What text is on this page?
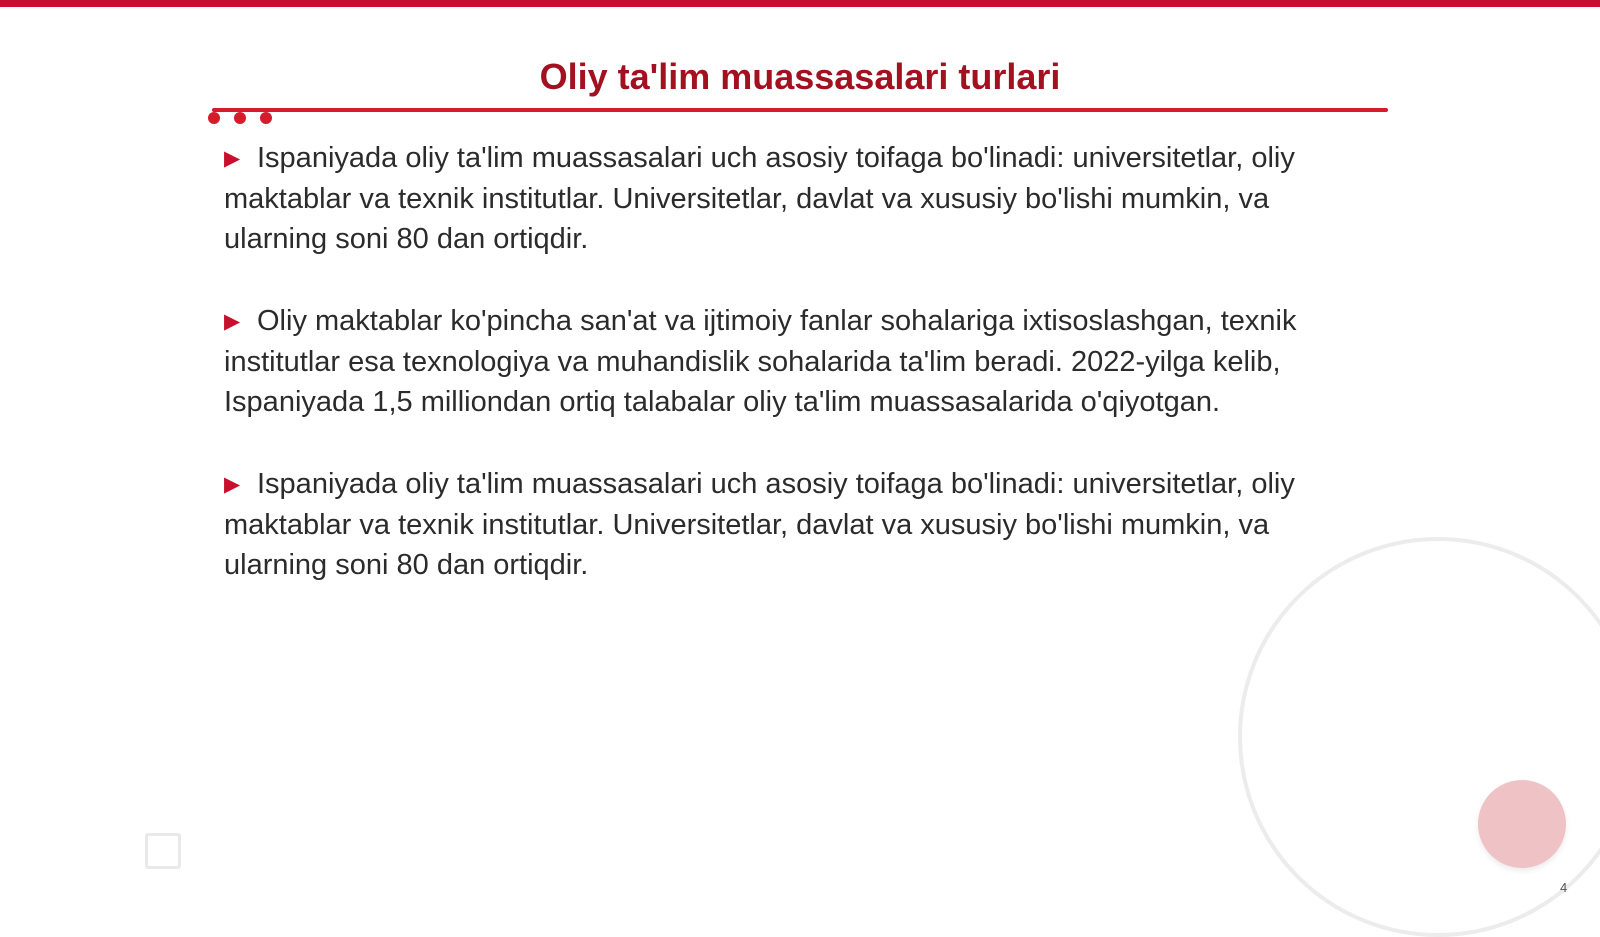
Oliy ta'lim muassasalari turlari

▶ Ispaniyada oliy ta'lim muassasalari uch asosiy toifaga bo'linadi: universitetlar, oliy maktablar va texnik institutlar. Universitetlar, davlat va xususiy bo'lishi mumkin, va ularning soni 80 dan ortiqdir.

▶ Oliy maktablar ko'pincha san'at va ijtimoiy fanlar sohalariga ixtisoslashgan, texnik institutlar esa texnologiya va muhandislik sohalarida ta'lim beradi. 2022-yilga kelib, Ispaniyada 1,5 milliondan ortiq talabalar oliy ta'lim muassasalarida o'qiyotgan.

▶ Ispaniyada oliy ta'lim muassasalari uch asosiy toifaga bo'linadi: universitetlar, oliy maktablar va texnik institutlar. Universitetlar, davlat va xususiy bo'lishi mumkin, va ularning soni 80 dan ortiqdir.

4
